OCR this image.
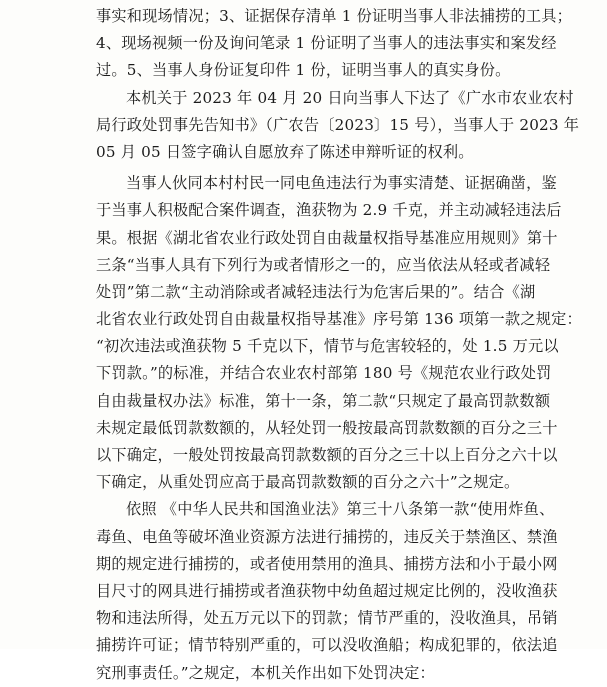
事实和现场情况；3、证据保存清单 1 份证明当事人非法捕捞的工具；
4、现场视频一份及询问笔录 1 份证明了当事人的违法事实和案发经
过。5、当事人身份证复印件 1 份，证明当事人的真实身份。
本机关于 2023 年 04 月 20 日向当事人下达了《广水市农业农村
局行政处罚事先告知书》（广农告〔2023〕15 号），当事人于 2023 年
05 月 05 日签字确认自愿放弃了陈述申辩听证的权利。
当事人伙同本村村民一同电鱼违法行为事实清楚、证据确凿，鉴
于当事人积极配合案件调查，渔获物为 2.9 千克，并主动减轻违法后
果。根据《湖北省农业行政处罚自由裁量权指导基准应用规则》第十
三条“当事人具有下列行为或者情形之一的，应当依法从轻或者减轻
处罚”第二款“主动消除或者减轻违法行为危害后果的”。结合《湖
北省农业行政处罚自由裁量权指导基准》序号第 136 项第一款之规定：
“初次违法或渔获物 5 千克以下，情节与危害较轻的，处 1.5 万元以
下罚款。”的标准，并结合农业农村部第 180 号《规范农业行政处罚
自由裁量权办法》标准，第十一条，第二款“只规定了最高罚款数额
未规定最低罚款数额的，从轻处罚一般按最高罚款数额的百分之三十
以下确定，一般处罚按最高罚款数额的百分之三十以上百分之六十以
下确定，从重处罚应高于最高罚款数额的百分之六十”之规定。
依照 《中华人民共和国渔业法》第三十八条第一款“使用炸鱼、
毒鱼、电鱼等破坏渔业资源方法进行捕捞的，违反关于禁渔区、禁渔
期的规定进行捕捞的，或者使用禁用的渔具、捕捞方法和小于最小网
目尺寸的网具进行捕捞或者渔获物中幼鱼超过规定比例的，没收渔获
物和违法所得，处五万元以下的罚款；情节严重的，没收渔具，吊销
捕捞许可证；情节特别严重的，可以没收渔船；构成犯罪的，依法追
究刑事责任。”之规定，本机关作出如下处罚决定：
